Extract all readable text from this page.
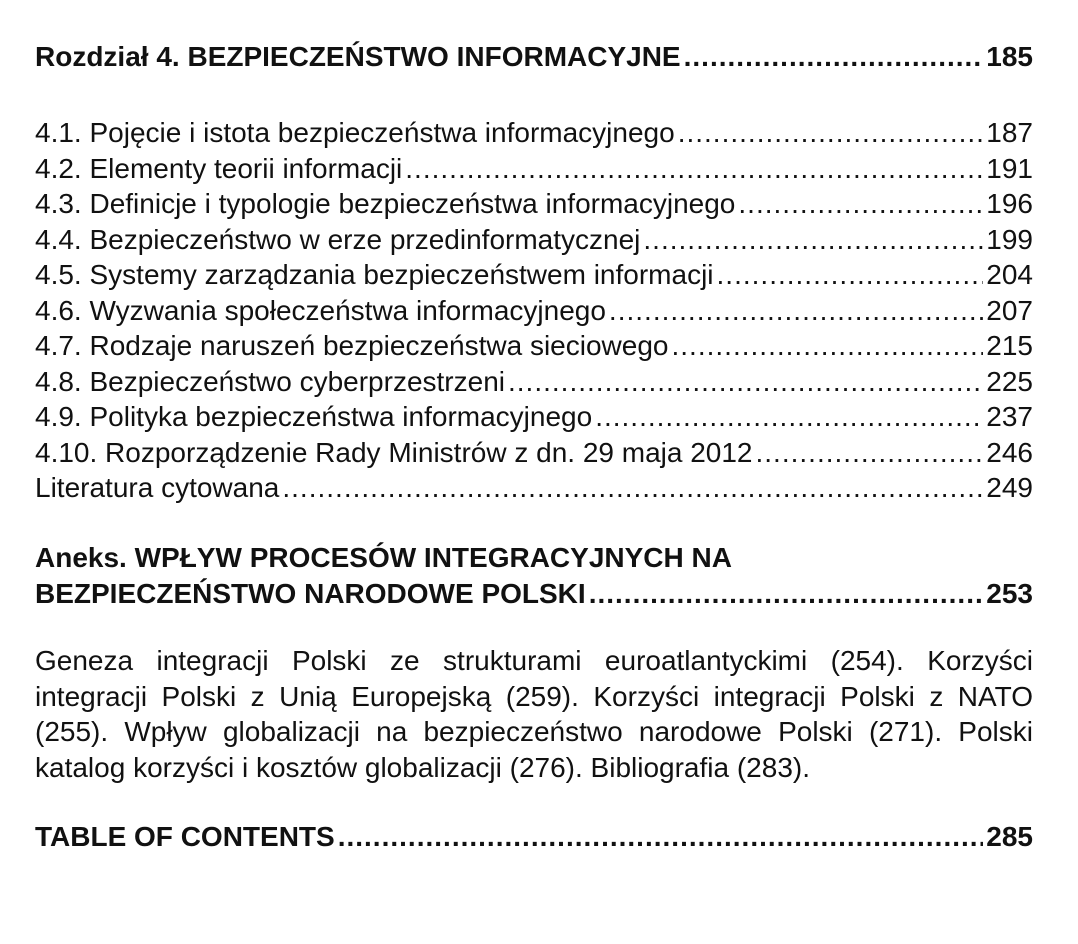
Rozdział 4. BEZPIECZEŃSTWO INFORMACYJNE .....	185
4.1. Pojęcie i istota bezpieczeństwa informacyjnego .....	187
4.2. Elementy teorii informacji .....	191
4.3. Definicje i typologie bezpieczeństwa informacyjnego .....	196
4.4. Bezpieczeństwo w erze przedinformatycznej .....	199
4.5. Systemy zarządzania bezpieczeństwem informacji .....	204
4.6. Wyzwania społeczeństwa informacyjnego .....	207
4.7. Rodzaje naruszeń bezpieczeństwa sieciowego .....	215
4.8. Bezpieczeństwo cyberprzestrzeni .....	225
4.9. Polityka bezpieczeństwa informacyjnego .....	237
4.10. Rozporządzenie Rady Ministrów z dn. 29 maja 2012 .....	246
Literatura cytowana .....	249
Aneks. WPŁYW PROCESÓW INTEGRACYJNYCH NA
BEZPIECZEŃSTWO NARODOWE POLSKI .....	253
Geneza integracji Polski ze strukturami euroatlantyckimi (254). Korzyści integracji Polski z Unią Europejską (259). Korzyści integracji Polski z NATO (255). Wpływ globalizacji na bezpieczeństwo narodowe Polski (271). Polski katalog korzyści i kosztów globalizacji (276). Bibliografia (283).
TABLE OF CONTENTS .....	285
